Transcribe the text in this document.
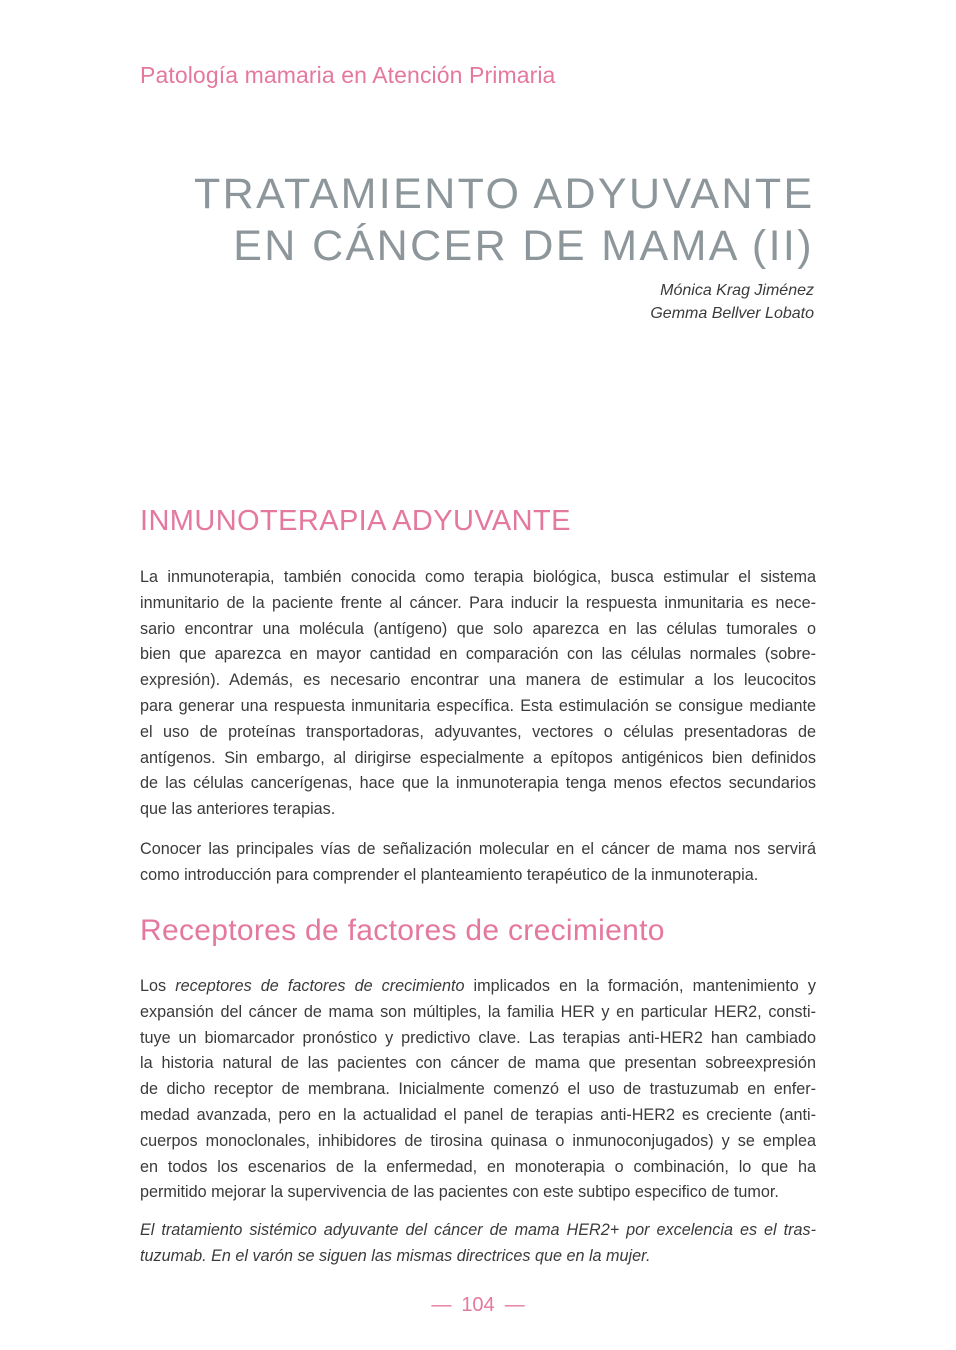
Patología mamaria en Atención Primaria
TRATAMIENTO ADYUVANTE
EN CÁNCER DE MAMA (II)
Mónica Krag Jiménez
Gemma Bellver Lobato
INMUNOTERAPIA ADYUVANTE
La inmunoterapia, también conocida como terapia biológica, busca estimular el sistema
inmunitario de la paciente frente al cáncer. Para inducir la respuesta inmunitaria es nece-
sario encontrar una molécula (antígeno) que solo aparezca en las células tumorales o
bien que aparezca en mayor cantidad en comparación con las células normales (sobre-
expresión). Además, es necesario encontrar una manera de estimular a los leucocitos
para generar una respuesta inmunitaria específica. Esta estimulación se consigue mediante
el uso de proteínas transportadoras, adyuvantes, vectores o células presentadoras de
antígenos. Sin embargo, al dirigirse especialmente a epítopos antigénicos bien definidos
de las células cancerígenas, hace que la inmunoterapia tenga menos efectos secundarios
que las anteriores terapias.
Conocer las principales vías de señalización molecular en el cáncer de mama nos servirá
como introducción para comprender el planteamiento terapéutico de la inmunoterapia.
Receptores de factores de crecimiento
Los receptores de factores de crecimiento implicados en la formación, mantenimiento y
expansión del cáncer de mama son múltiples, la familia HER y en particular HER2, consti-
tuye un biomarcador pronóstico y predictivo clave. Las terapias anti-HER2 han cambiado
la historia natural de las pacientes con cáncer de mama que presentan sobreexpresión
de dicho receptor de membrana. Inicialmente comenzó el uso de trastuzumab en enfer-
medad avanzada, pero en la actualidad el panel de terapias anti-HER2 es creciente (anti-
cuerpos monoclonales, inhibidores de tirosina quinasa o inmunoconjugados) y se emplea
en todos los escenarios de la enfermedad, en monoterapia o combinación, lo que ha
permitido mejorar la supervivencia de las pacientes con este subtipo especifico de tumor.
El tratamiento sistémico adyuvante del cáncer de mama HER2+ por excelencia es el tras-
tuzumab. En el varón se siguen las mismas directrices que en la mujer.
— 104 —
